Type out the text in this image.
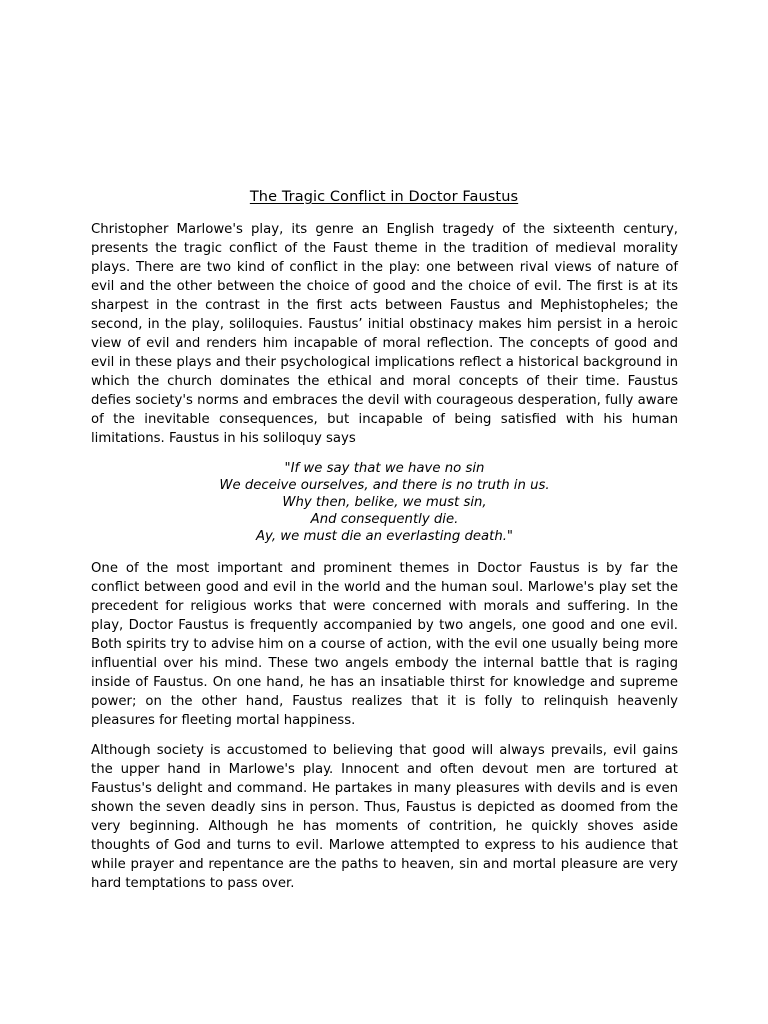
The Tragic Conflict in Doctor Faustus

Christopher Marlowe's play, its genre an English tragedy of the sixteenth century, presents the tragic conflict of the Faust theme in the tradition of medieval morality plays. There are two kind of conflict in the play: one between rival views of nature of evil and the other between the choice of good and the choice of evil. The first is at its sharpest in the contrast in the first acts between Faustus and Mephistopheles; the second, in the play, soliloquies. Faustus’ initial obstinacy makes him persist in a heroic view of evil and renders him incapable of moral reflection. The concepts of good and evil in these plays and their psychological implications reflect a historical background in which the church dominates the ethical and moral concepts of their time. Faustus defies society's norms and embraces the devil with courageous desperation, fully aware of the inevitable consequences, but incapable of being satisfied with his human limitations. Faustus in his soliloquy says

"If we say that we have no sin
We deceive ourselves, and there is no truth in us.
Why then, belike, we must sin,
And consequently die.
Ay, we must die an everlasting death."

One of the most important and prominent themes in Doctor Faustus is by far the conflict between good and evil in the world and the human soul. Marlowe's play set the precedent for religious works that were concerned with morals and suffering. In the play, Doctor Faustus is frequently accompanied by two angels, one good and one evil. Both spirits try to advise him on a course of action, with the evil one usually being more influential over his mind. These two angels embody the internal battle that is raging inside of Faustus. On one hand, he has an insatiable thirst for knowledge and supreme power; on the other hand, Faustus realizes that it is folly to relinquish heavenly pleasures for fleeting mortal happiness.

Although society is accustomed to believing that good will always prevails, evil gains the upper hand in Marlowe's play. Innocent and often devout men are tortured at Faustus's delight and command. He partakes in many pleasures with devils and is even shown the seven deadly sins in person. Thus, Faustus is depicted as doomed from the very beginning. Although he has moments of contrition, he quickly shoves aside thoughts of God and turns to evil. Marlowe attempted to express to his audience that while prayer and repentance are the paths to heaven, sin and mortal pleasure are very hard temptations to pass over.
